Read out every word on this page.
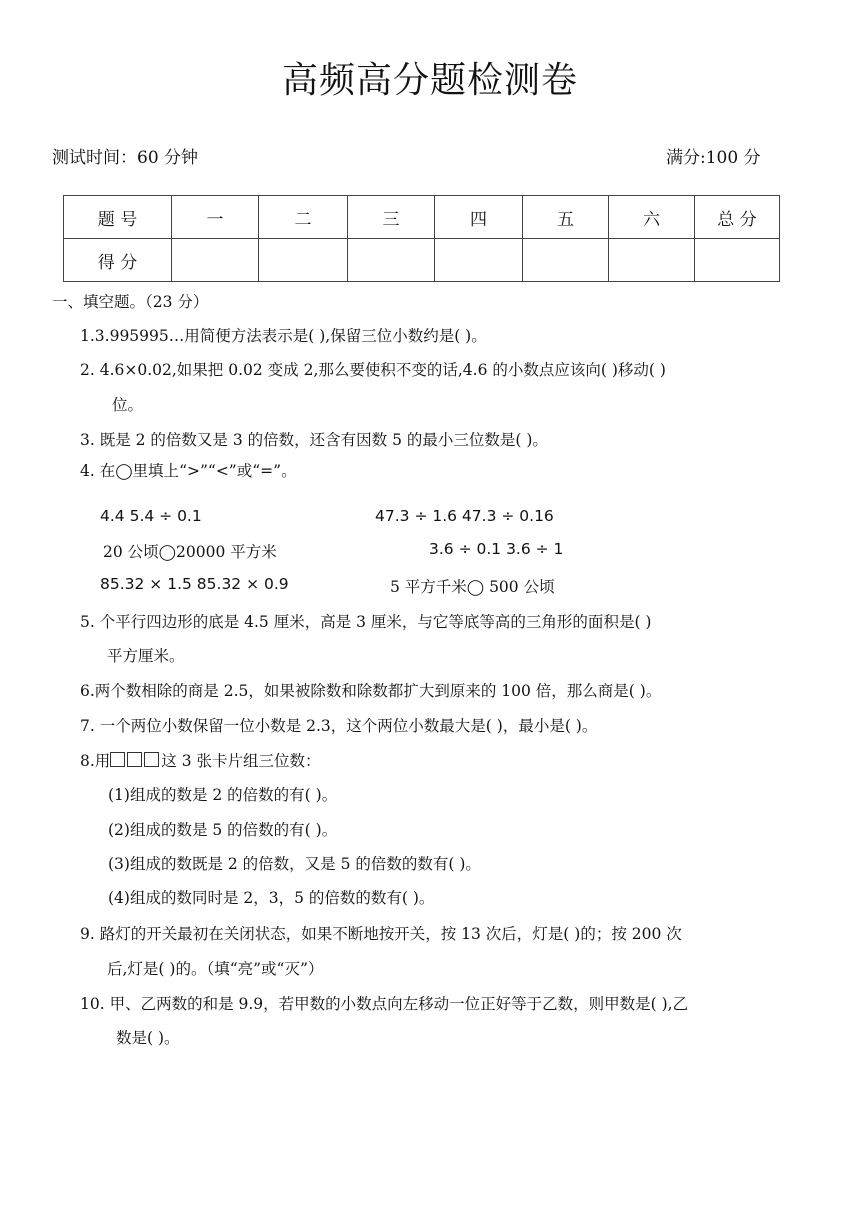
高频高分题检测卷
测试时间：60 分钟	满分:100 分
题 号	一	二	三	四	五	六	总 分
得 分							
一、填空题。（23 分）
1.3.995995…用简便方法表示是( ),保留三位小数约是( )。
2. 4.6×0.02,如果把 0.02 变成 2,那么要使积不变的话,4.6 的小数点应该向( )移动( )
位。
3. 既是 2 的倍数又是 3 的倍数，还含有因数 5 的最小三位数是( )。
4. 在◯里填上“>”“<”或“=”。
4.4 5.4 ÷ 0.1	47.3 ÷ 1.6 47.3 ÷ 0.16
20 公顷◯20000 平方米	3.6 ÷ 0.1 3.6 ÷ 1
85.32 × 1.5 85.32 × 0.9	5 平方千米◯ 500 公顷
5. 个平行四边形的底是 4.5 厘米，高是 3 厘米，与它等底等高的三角形的面积是( )
平方厘米。
6.两个数相除的商是 2.5，如果被除数和除数都扩大到原来的 100 倍，那么商是( )。
7. 一个两位小数保留一位小数是 2.3，这个两位小数最大是( )，最小是( )。
8.用	这 3 张卡片组三位数：
(1)组成的数是 2 的倍数的有( )。
(2)组成的数是 5 的倍数的有( )。
(3)组成的数既是 2 的倍数，又是 5 的倍数的数有( )。
(4)组成的数同时是 2，3，5 的倍数的数有( )。
9. 路灯的开关最初在关闭状态，如果不断地按开关，按 13 次后，灯是( )的；按 200 次
后,灯是( )的。（填“亮”或“灭”）
10. 甲、乙两数的和是 9.9，若甲数的小数点向左移动一位正好等于乙数，则甲数是( ),乙
数是( )。
